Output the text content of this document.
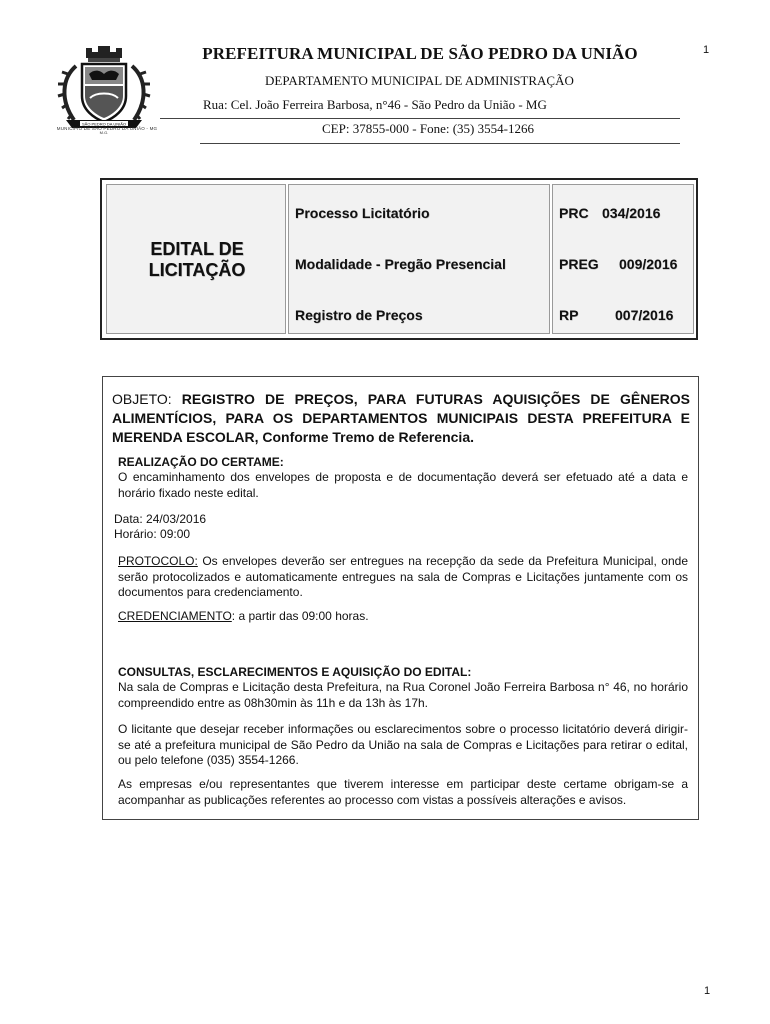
SÃO PEDRO DA UNIÃO
M.G.
MUNICÍPIO DE SÃO PEDRO DA UNIÃO - MG
PREFEITURA MUNICIPAL DE SÃO PEDRO DA UNIÃO	1
DEPARTAMENTO MUNICIPAL DE ADMINISTRAÇÃO
Rua: Cel. João Ferreira Barbosa, n°46 - São Pedro da União - MG
CEP: 37855-000 - Fone: (35) 3554-1266
EDITAL DE
LICITAÇÃO
Processo Licitatório
Modalidade - Pregão Presencial
Registro de Preços
PRC 034/2016
PREG 009/2016
RP	007/2016
OBJETO: REGISTRO DE PREÇOS, PARA FUTURAS AQUISIÇÕES DE GÊNEROS ALIMENTÍCIOS, PARA OS DEPARTAMENTOS MUNICIPAIS DESTA PREFEITURA E MERENDA ESCOLAR, Conforme Tremo de Referencia.
REALIZAÇÃO DO CERTAME:
O encaminhamento dos envelopes de proposta e de documentação deverá ser efetuado até a data e horário fixado neste edital.
Data: 24/03/2016
Horário: 09:00
PROTOCOLO: Os envelopes deverão ser entregues na recepção da sede da Prefeitura Municipal, onde serão protocolizados e automaticamente entregues na sala de Compras e Licitações juntamente com os documentos para credenciamento.
CREDENCIAMENTO: a partir das 09:00 horas.
CONSULTAS, ESCLARECIMENTOS E AQUISIÇÃO DO EDITAL:
Na sala de Compras e Licitação desta Prefeitura, na Rua Coronel João Ferreira Barbosa n° 46, no horário compreendido entre as 08h30min às 11h e da 13h às 17h.
O licitante que desejar receber informações ou esclarecimentos sobre o processo licitatório deverá dirigir-se até a prefeitura municipal de São Pedro da União na sala de Compras e Licitações para retirar o edital, ou pelo telefone (035) 3554-1266.
As empresas e/ou representantes que tiverem interesse em participar deste certame obrigam-se a acompanhar as publicações referentes ao processo com vistas a possíveis alterações e avisos.
1
